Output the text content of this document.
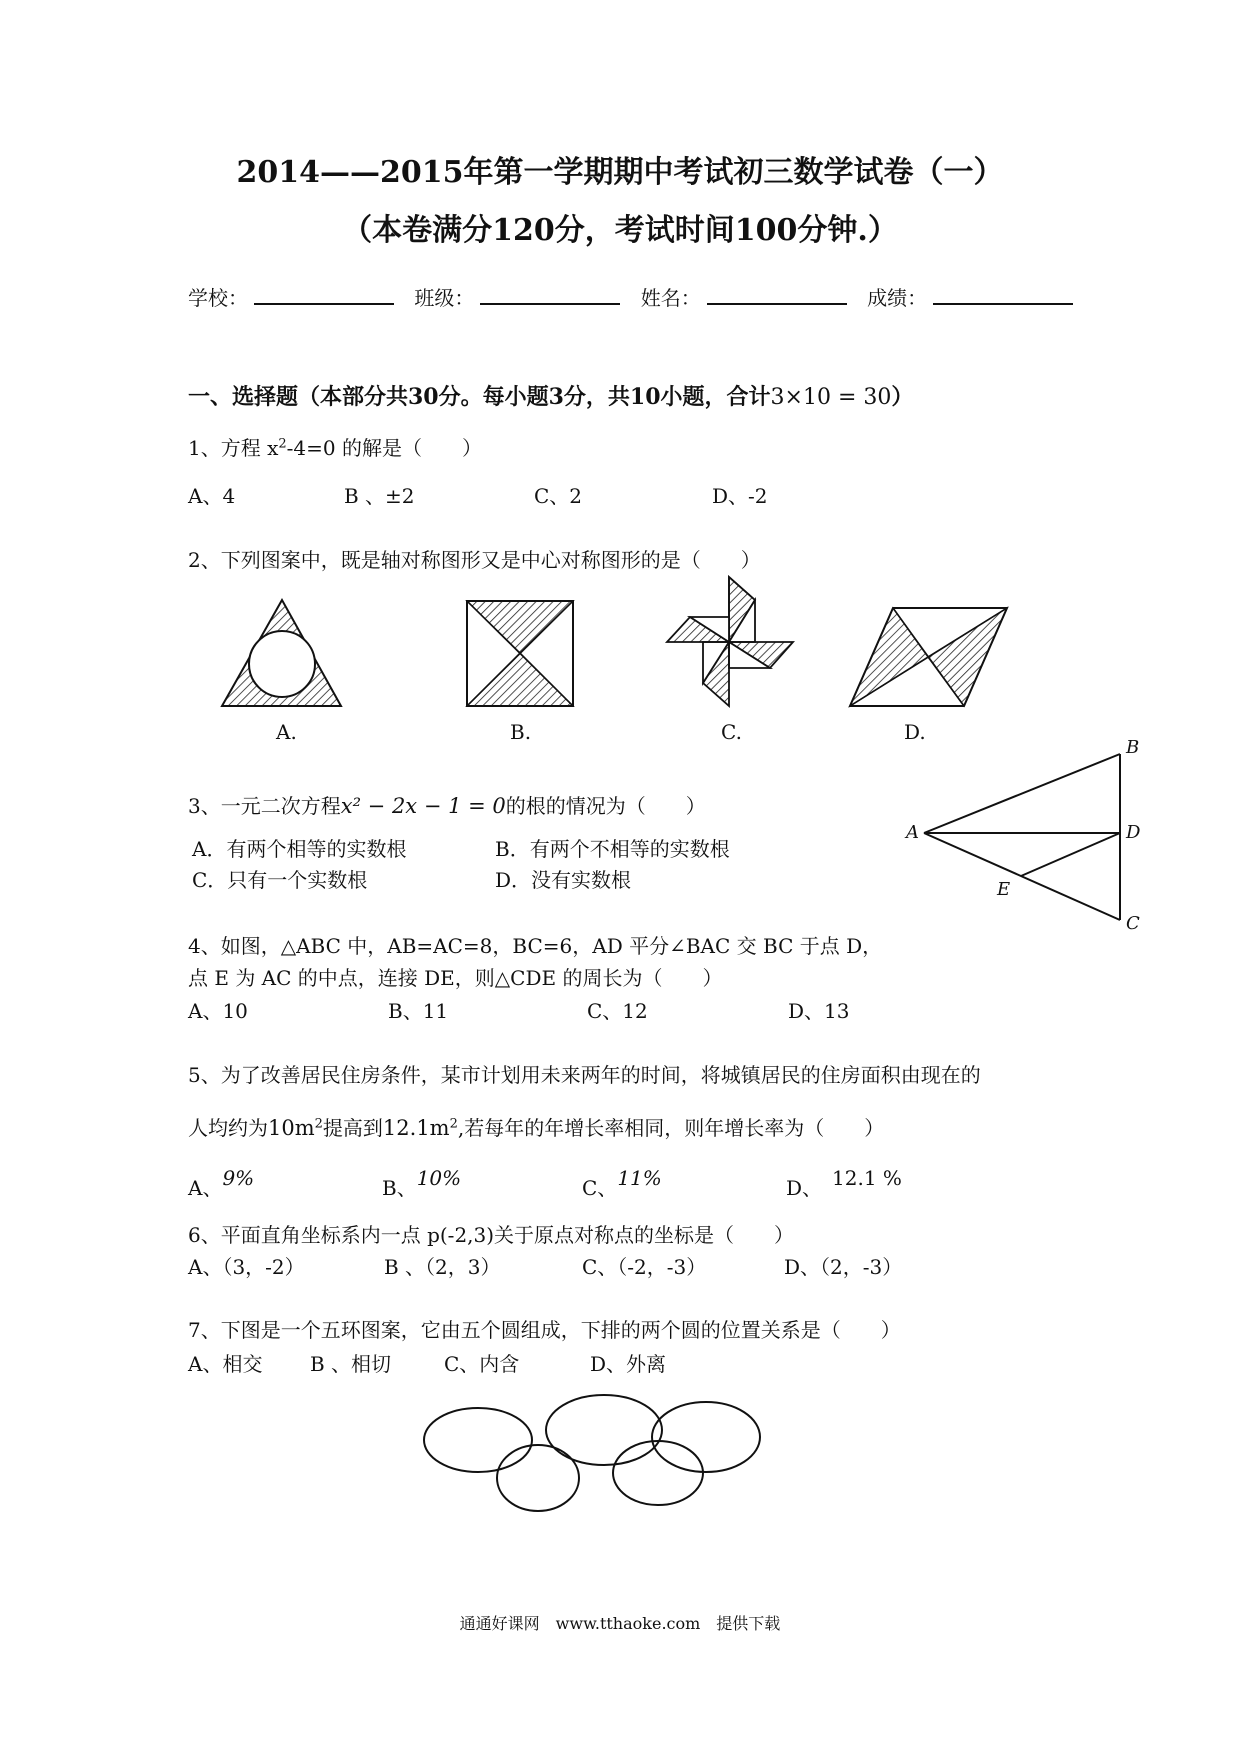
2014——2015年第一学期期中考试初三数学试卷（一）
（本卷满分120分，考试时间100分钟.）
学校：	班级：	姓名：	成绩：
一、选择题（本部分共30分。每小题3分，共10小题，合计3×10 = 30）
1、方程 $x^2-4=0$ 的解是（　　）
A、4	B 、±2	C、2	D、-2
2、下列图案中，既是轴对称图形又是中心对称图形的是（　　）
A.	B.	C.	D.
B
A	D
E
C
3、一元二次方程x² − 2x − 1 = 0的根的情况为（　　）
A．有两个相等的实数根	B．有两个不相等的实数根
C．只有一个实数根	D．没有实数根
4、如图，△ABC 中，AB=AC=8，BC=6，AD 平分∠BAC 交 BC 于点 D，
点 E 为 AC 的中点，连接 DE，则△CDE 的周长为（　　）
A、10	B、11	C、12	D、13
5、为了改善居民住房条件，某市计划用未来两年的时间，将城镇居民的住房面积由现在的
人均约为$10m^2$提高到$12.1m^2$,若每年的年增长率相同，则年增长率为（　　）
A、9%	B、10%	C、11%	D、　 12.1 %
6、平面直角坐标系内一点 p(-2,3)关于原点对称点的坐标是（　　）
A、（3，-2）	B 、（2，3）	C、（-2，-3）	D、（2，-3）
7、下图是一个五环图案，它由五个圆组成，下排的两个圆的位置关系是（　　）
A、相交 B 、相切	C、内含	D、外离
通通好课网　www.tthaoke.com　提供下载
